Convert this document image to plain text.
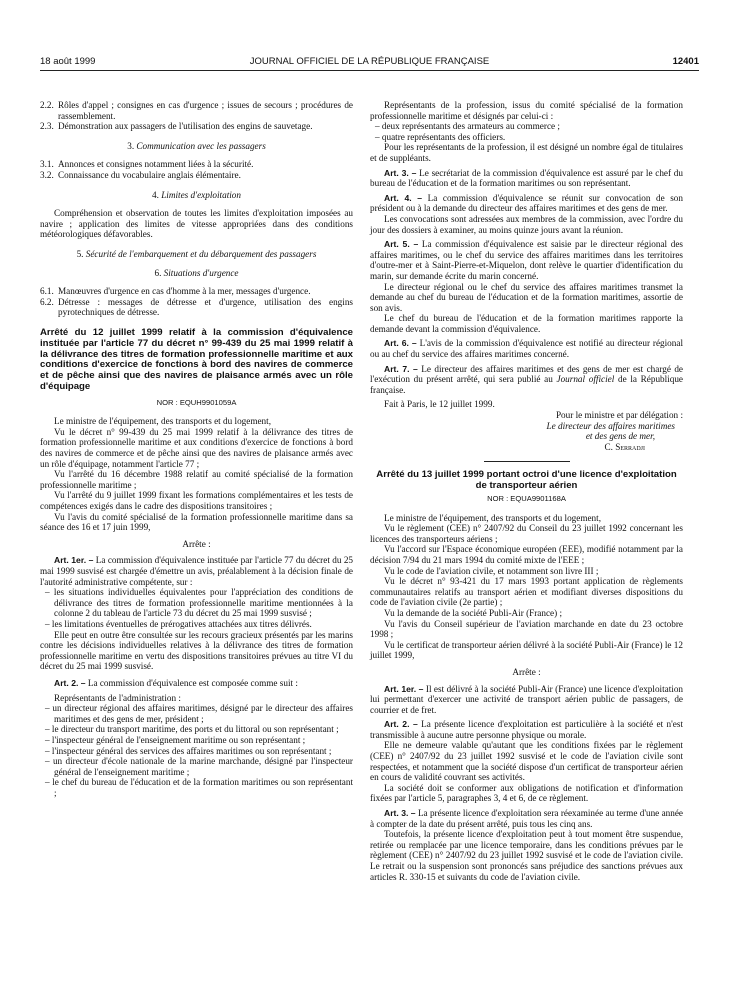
18 août 1999	JOURNAL OFFICIEL DE LA RÉPUBLIQUE FRANÇAISE	12401
2.2. Rôles d'appel ; consignes en cas d'urgence ; issues de secours ; procédures de rassemblement.
2.3. Démonstration aux passagers de l'utilisation des engins de sauvetage.

3. Communication avec les passagers

3.1. Annonces et consignes notamment liées à la sécurité.
3.2. Connaissance du vocabulaire anglais élémentaire.

4. Limites d'exploitation

Compréhension et observation de toutes les limites d'exploitation imposées au navire ; application des limites de vitesse appropriées dans des conditions météorologiques défavorables.

5. Sécurité de l'embarquement et du débarquement des passagers

6. Situations d'urgence

6.1. Manœuvres d'urgence en cas d'homme à la mer, messages d'urgence.
6.2. Détresse : messages de détresse et d'urgence, utilisation des engins pyrotechniques de détresse.

Arrêté du 12 juillet 1999 relatif à la commission d'équivalence instituée par l'article 77 du décret n° 99-439 du 25 mai 1999 relatif à la délivrance des titres de formation professionnelle maritime et aux conditions d'exercice de fonctions à bord des navires de commerce et de pêche ainsi que des navires de plaisance armés avec un rôle d'équipage

NOR : EQUH9901059A

Le ministre de l'équipement, des transports et du logement,

Vu le décret n° 99-439 du 25 mai 1999 relatif à la délivrance des titres de formation professionnelle maritime et aux conditions d'exercice de fonctions à bord des navires de commerce et de pêche ainsi que des navires de plaisance armés avec un rôle d'équipage, notamment l'article 77 ;

Vu l'arrêté du 16 décembre 1988 relatif au comité spécialisé de la formation professionnelle maritime ;

Vu l'arrêté du 9 juillet 1999 fixant les formations complémentaires et les tests de compétences exigés dans le cadre des dispositions transitoires ;

Vu l'avis du comité spécialisé de la formation professionnelle maritime dans sa séance des 16 et 17 juin 1999,

Arrête :

Art. 1er. – La commission d'équivalence instituée par l'article 77 du décret du 25 mai 1999 susvisé est chargée d'émettre un avis, préalablement à la décision finale de l'autorité administrative compétente, sur :

– les situations individuelles équivalentes pour l'appréciation des conditions de délivrance des titres de formation professionnelle maritime mentionnées à la colonne 2 du tableau de l'article 73 du décret du 25 mai 1999 susvisé ;

– les limitations éventuelles de prérogatives attachées aux titres délivrés.

Elle peut en outre être consultée sur les recours gracieux présentés par les marins contre les décisions individuelles relatives à la délivrance des titres de formation professionnelle maritime en vertu des dispositions transitoires prévues au titre VI du décret du 25 mai 1999 susvisé.

Art. 2. – La commission d'équivalence est composée comme suit :

Représentants de l'administration :

– un directeur régional des affaires maritimes, désigné par le directeur des affaires maritimes et des gens de mer, président ;

– le directeur du transport maritime, des ports et du littoral ou son représentant ;

– l'inspecteur général de l'enseignement maritime ou son représentant ;

– l'inspecteur général des services des affaires maritimes ou son représentant ;

– un directeur d'école nationale de la marine marchande, désigné par l'inspecteur général de l'enseignement maritime ;

– le chef du bureau de l'éducation et de la formation maritimes ou son représentant ;

Représentants de la profession, issus du comité spécialisé de la formation professionnelle maritime et désignés par celui-ci :

– deux représentants des armateurs au commerce ;

– quatre représentants des officiers.

Pour les représentants de la profession, il est désigné un nombre égal de titulaires et de suppléants.

Art. 3. – Le secrétariat de la commission d'équivalence est assuré par le chef du bureau de l'éducation et de la formation maritimes ou son représentant.

Art. 4. – La commission d'équivalence se réunit sur convocation de son président ou à la demande du directeur des affaires maritimes et des gens de mer.

Les convocations sont adressées aux membres de la commission, avec l'ordre du jour des dossiers à examiner, au moins quinze jours avant la réunion.

Art. 5. – La commission d'équivalence est saisie par le directeur régional des affaires maritimes, ou le chef du service des affaires maritimes dans les territoires d'outre-mer et à Saint-Pierre-et-Miquelon, dont relève le quartier d'identification du marin, sur demande écrite du marin concerné.

Le directeur régional ou le chef du service des affaires maritimes transmet la demande au chef du bureau de l'éducation et de la formation maritimes, assortie de son avis.

Le chef du bureau de l'éducation et de la formation maritimes rapporte la demande devant la commission d'équivalence.

Art. 6. – L'avis de la commission d'équivalence est notifié au directeur régional ou au chef du service des affaires maritimes concerné.

Art. 7. – Le directeur des affaires maritimes et des gens de mer est chargé de l'exécution du présent arrêté, qui sera publié au Journal officiel de la République française.

Fait à Paris, le 12 juillet 1999.

Pour le ministre et par délégation :

Le directeur des affaires maritimes

et des gens de mer,

C. Serradji

Arrêté du 13 juillet 1999 portant octroi d'une licence d'exploitation de transporteur aérien

NOR : EQUA9901168A

Le ministre de l'équipement, des transports et du logement,

Vu le règlement (CEE) n° 2407/92 du Conseil du 23 juillet 1992 concernant les licences des transporteurs aériens ;

Vu l'accord sur l'Espace économique européen (EEE), modifié notamment par la décision 7/94 du 21 mars 1994 du comité mixte de l'EEE ;

Vu le code de l'aviation civile, et notamment son livre III ;

Vu le décret n° 93-421 du 17 mars 1993 portant application de règlements communautaires relatifs au transport aérien et modifiant diverses dispositions du code de l'aviation civile (2e partie) ;

Vu la demande de la société Publi-Air (France) ;

Vu l'avis du Conseil supérieur de l'aviation marchande en date du 23 octobre 1998 ;

Vu le certificat de transporteur aérien délivré à la société Publi-Air (France) le 12 juillet 1999,

Arrête :

Art. 1er. – Il est délivré à la société Publi-Air (France) une licence d'exploitation lui permettant d'exercer une activité de transport aérien public de passagers, de courrier et de fret.

Art. 2. – La présente licence d'exploitation est particulière à la société et n'est transmissible à aucune autre personne physique ou morale.

Elle ne demeure valable qu'autant que les conditions fixées par le règlement (CEE) n° 2407/92 du 23 juillet 1992 susvisé et le code de l'aviation civile sont respectées, et notamment que la société dispose d'un certificat de transporteur aérien en cours de validité couvrant ses activités.

La société doit se conformer aux obligations de notification et d'information fixées par l'article 5, paragraphes 3, 4 et 6, de ce règlement.

Art. 3. – La présente licence d'exploitation sera réexaminée au terme d'une année à compter de la date du présent arrêté, puis tous les cinq ans.

Toutefois, la présente licence d'exploitation peut à tout moment être suspendue, retirée ou remplacée par une licence temporaire, dans les conditions prévues par le règlement (CEE) n° 2407/92 du 23 juillet 1992 susvisé et le code de l'aviation civile. Le retrait ou la suspension sont prononcés sans préjudice des sanctions prévues aux articles R. 330-15 et suivants du code de l'aviation civile.
